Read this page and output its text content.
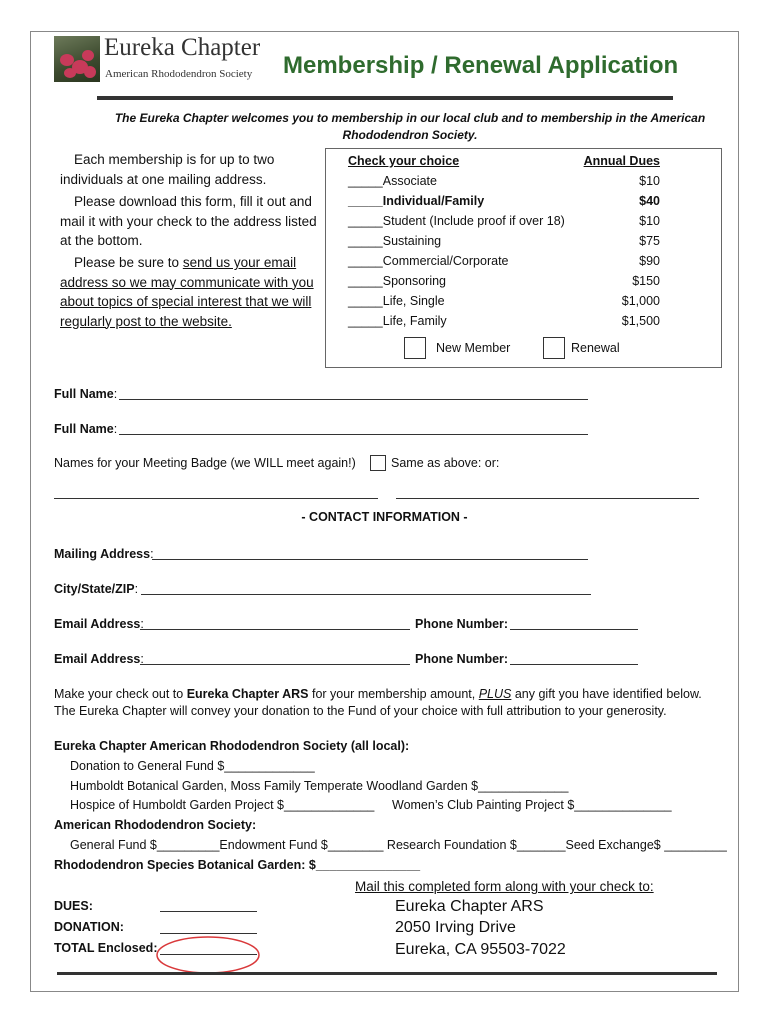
Eureka Chapter
American Rhododendron Society Membership / Renewal Application
The Eureka Chapter welcomes you to membership in our local club and to membership in the American Rhododendron Society.

Each membership is for up to two individuals at one mailing address.

Please download this form, fill it out and mail it with your check to the address listed at the bottom.

Please be sure to send us your email address so we may communicate with you about topics of special interest that we will regularly post to the website.

Check your choice	Annual Dues
_____Associate	$10
_____Individual/Family	$40
_____Student (Include proof if over 18)	$10
_____Sustaining	$75
_____Commercial/Corporate	$90
_____Sponsoring	$150
_____Life, Single	$1,000
_____Life, Family	$1,500
New Member	Renewal
Full Name:
Full Name:
Names for your Meeting Badge (we WILL meet again!)	Same as above: or:
- CONTACT INFORMATION -
Mailing Address:
City/State/ZIP:
Email Address:	Phone Number:
Email Address:	Phone Number:
Make your check out to Eureka Chapter ARS for your membership amount, PLUS any gift you have identified below.
The Eureka Chapter will convey your donation to the Fund of your choice with full attribution to your generosity.
Eureka Chapter American Rhododendron Society (all local):
Donation to General Fund $_____________
Humboldt Botanical Garden, Moss Family Temperate Woodland Garden $_____________
Hospice of Humboldt Garden Project $_____________ Women’s Club Painting Project $______________
American Rhododendron Society:
General Fund $_________Endowment Fund $________ Research Foundation $_______Seed Exchange$ _________
Rhododendron Species Botanical Garden: $_______________
Mail this completed form along with your check to:
DUES:
DONATION:
TOTAL Enclosed:
Eureka Chapter ARS
2050 Irving Drive
Eureka, CA 95503-7022
